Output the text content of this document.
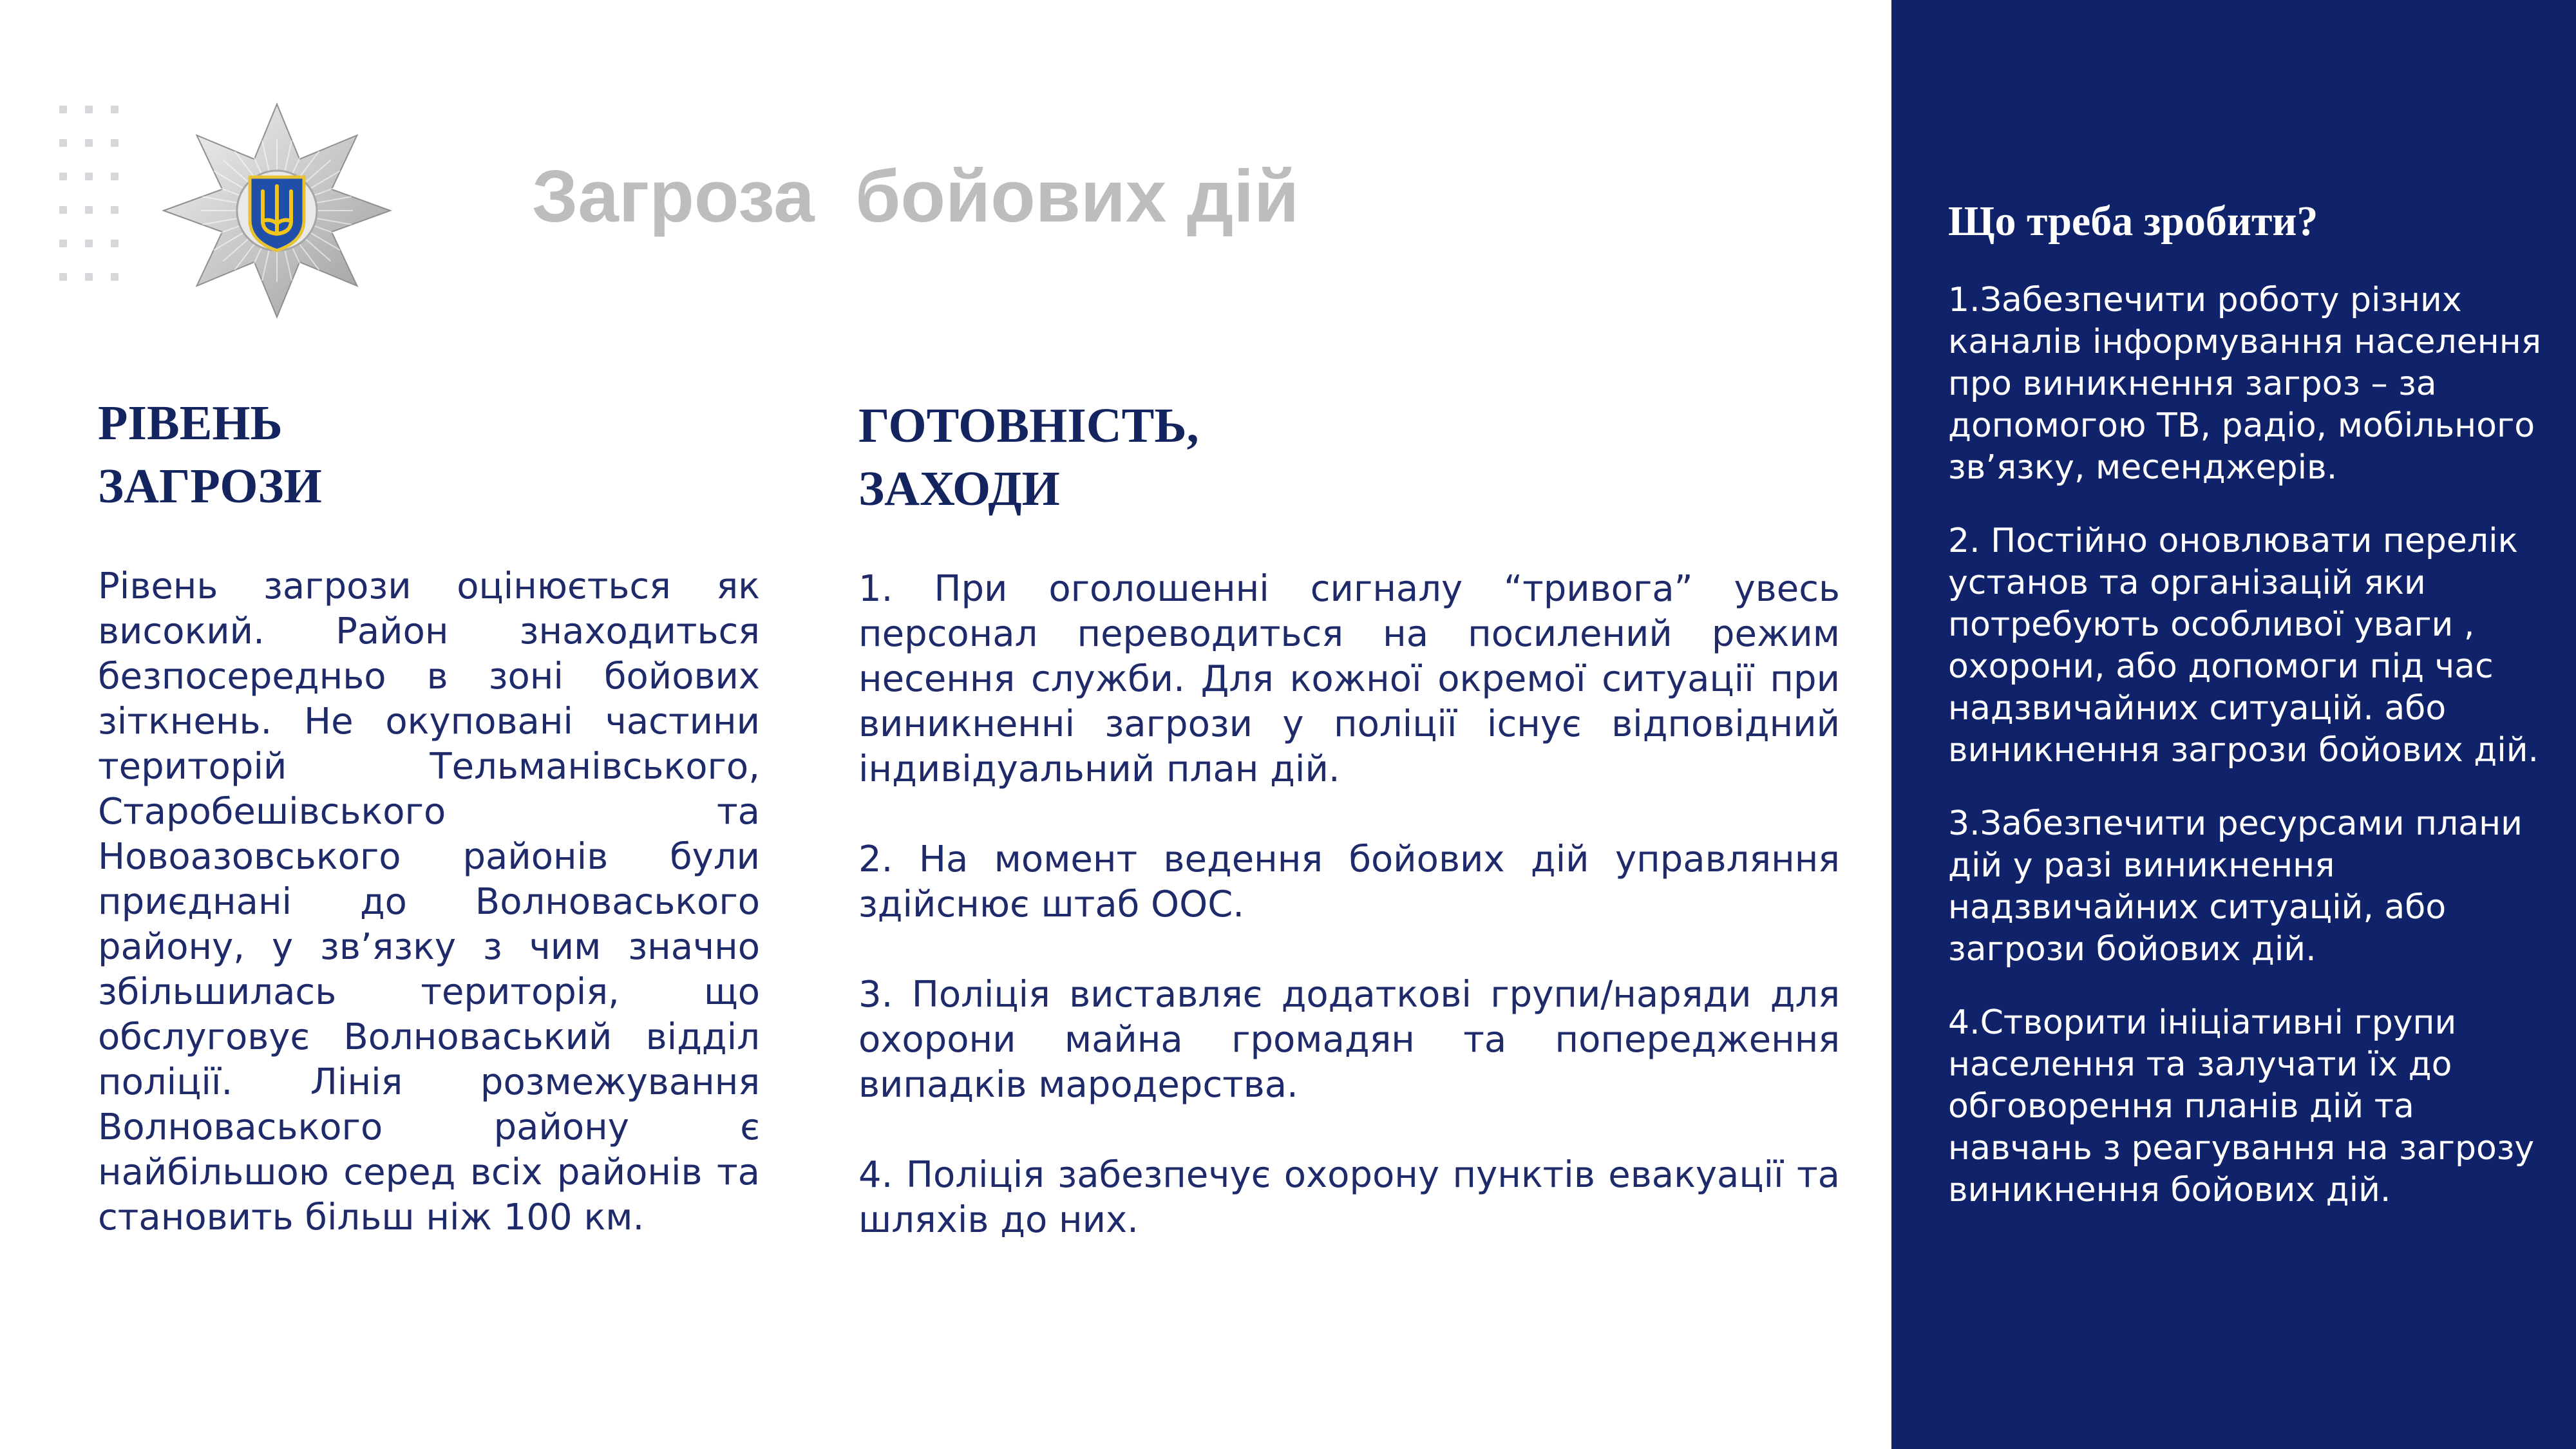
Загроза  бойових дій
РІВЕНЬ
ЗАГРОЗИ

Рівень загрози оцінюється як високий. Район знаходиться безпосередньо в зоні бойових зіткнень. Не окуповані частини територій Тельманівського, Старобешівського та Новоазовського районів були приєднані до Волноваського району, у звʼязку з чим значно збільшилась територія, що обслуговує Волноваський відділ поліції. Лінія розмежування Волноваського району є найбільшою серед всіх районів та становить більш ніж 100 км.

ГОТОВНІСТЬ,
ЗАХОДИ
1. При оголошенні сигналу “тривога” увесь персонал переводиться на посилений режим несення служби. Для кожної окремої ситуації при виникненні загрози у поліції існує відповідний індивідуальний план дій.
2. На момент ведення бойових дій управляння здійснює штаб ООС.
3. Поліція виставляє додаткові групи/наряди для охорони майна громадян та попередження випадків мародерства.
4. Поліція забезпечує охорону пунктів евакуації та шляхів до них.
Що треба зробити?
1.Забезпечити роботу різних каналів інформування населення про виникнення загроз – за допомогою ТВ, радіо, мобільного звʼязку, месенджерів.
2. Постійно оновлювати перелік установ та організацій яки потребують особливої уваги , охорони, або допомоги під час надзвичайних ситуацій. або виникнення загрози бойових дій.
3.Забезпечити ресурсами плани дій у разі виникнення надзвичайних ситуацій, або загрози бойових дій.
4.Створити ініціативні групи населення та залучати їх до обговорення планів дій та навчань з реагування на загрозу виникнення бойових дій.
